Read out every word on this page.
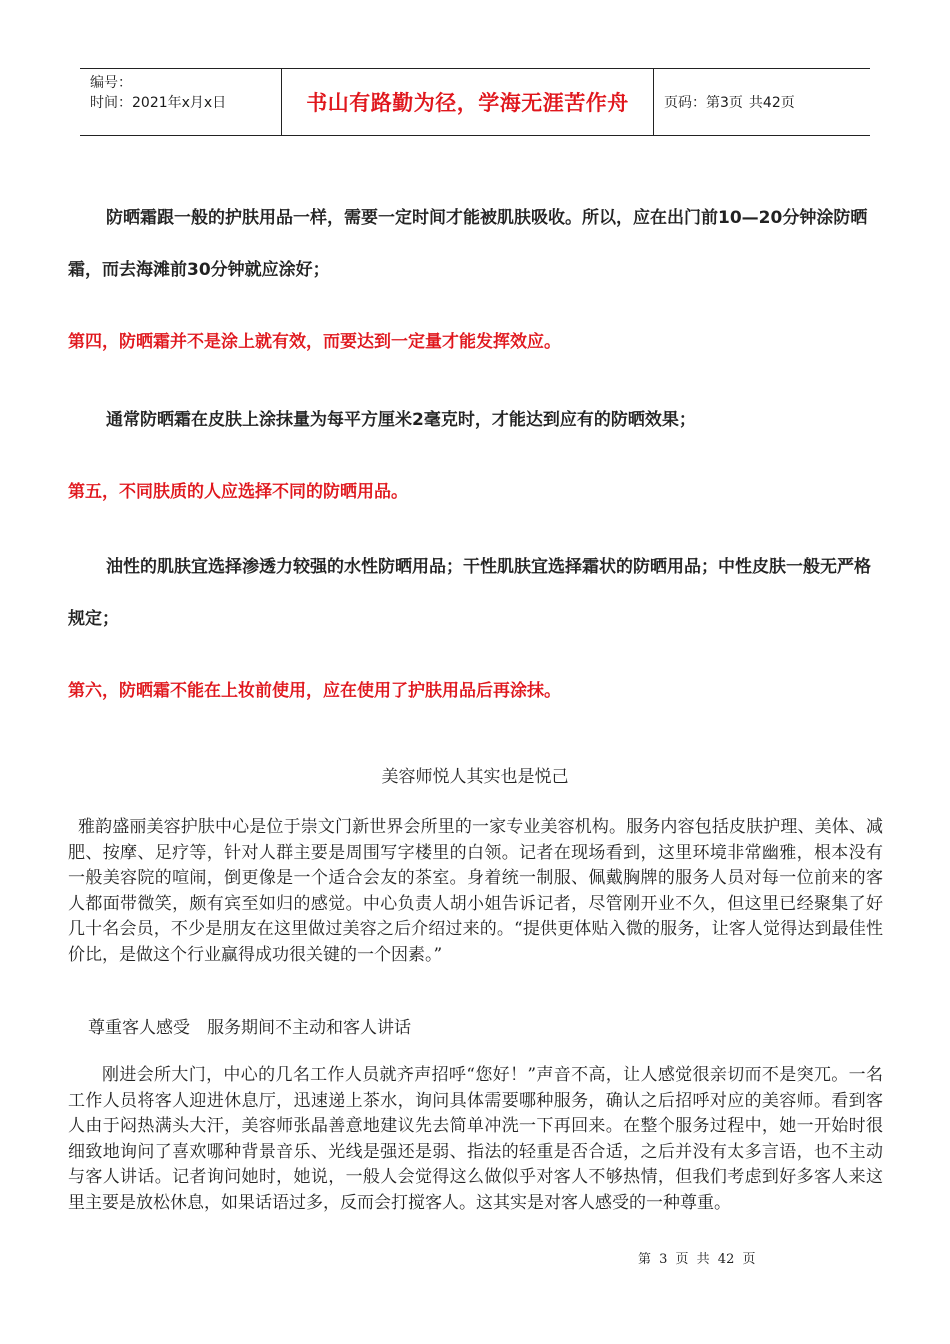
编号：
时间：2021年x月x日	书山有路勤为径，学海无涯苦作舟	页码：第3页 共42页
防晒霜跟一般的护肤用品一样，需要一定时间才能被肌肤吸收。所以，应在出门前10—20分钟涂防晒霜，而去海滩前30分钟就应涂好；
第四，防晒霜并不是涂上就有效，而要达到一定量才能发挥效应。
通常防晒霜在皮肤上涂抹量为每平方厘米2毫克时，才能达到应有的防晒效果；
第五，不同肤质的人应选择不同的防晒用品。
油性的肌肤宜选择渗透力较强的水性防晒用品；干性肌肤宜选择霜状的防晒用品；中性皮肤一般无严格规定；
第六，防晒霜不能在上妆前使用，应在使用了护肤用品后再涂抹。
美容师悦人其实也是悦己
雅韵盛丽美容护肤中心是位于崇文门新世界会所里的一家专业美容机构。服务内容包括皮肤护理、美体、减肥、按摩、足疗等，针对人群主要是周围写字楼里的白领。记者在现场看到，这里环境非常幽雅，根本没有一般美容院的喧闹，倒更像是一个适合会友的茶室。身着统一制服、佩戴胸牌的服务人员对每一位前来的客人都面带微笑，颇有宾至如归的感觉。中心负责人胡小姐告诉记者，尽管刚开业不久，但这里已经聚集了好几十名会员，不少是朋友在这里做过美容之后介绍过来的。“提供更体贴入微的服务，让客人觉得达到最佳性价比，是做这个行业赢得成功很关键的一个因素。”
尊重客人感受　服务期间不主动和客人讲话
刚进会所大门，中心的几名工作人员就齐声招呼“您好！”声音不高，让人感觉很亲切而不是突兀。一名工作人员将客人迎进休息厅，迅速递上茶水，询问具体需要哪种服务，确认之后招呼对应的美容师。看到客人由于闷热满头大汗，美容师张晶善意地建议先去简单冲洗一下再回来。在整个服务过程中，她一开始时很细致地询问了喜欢哪种背景音乐、光线是强还是弱、指法的轻重是否合适，之后并没有太多言语，也不主动与客人讲话。记者询问她时，她说，一般人会觉得这么做似乎对客人不够热情，但我们考虑到好多客人来这里主要是放松休息，如果话语过多，反而会打搅客人。这其实是对客人感受的一种尊重。
第 3 页 共 42 页
